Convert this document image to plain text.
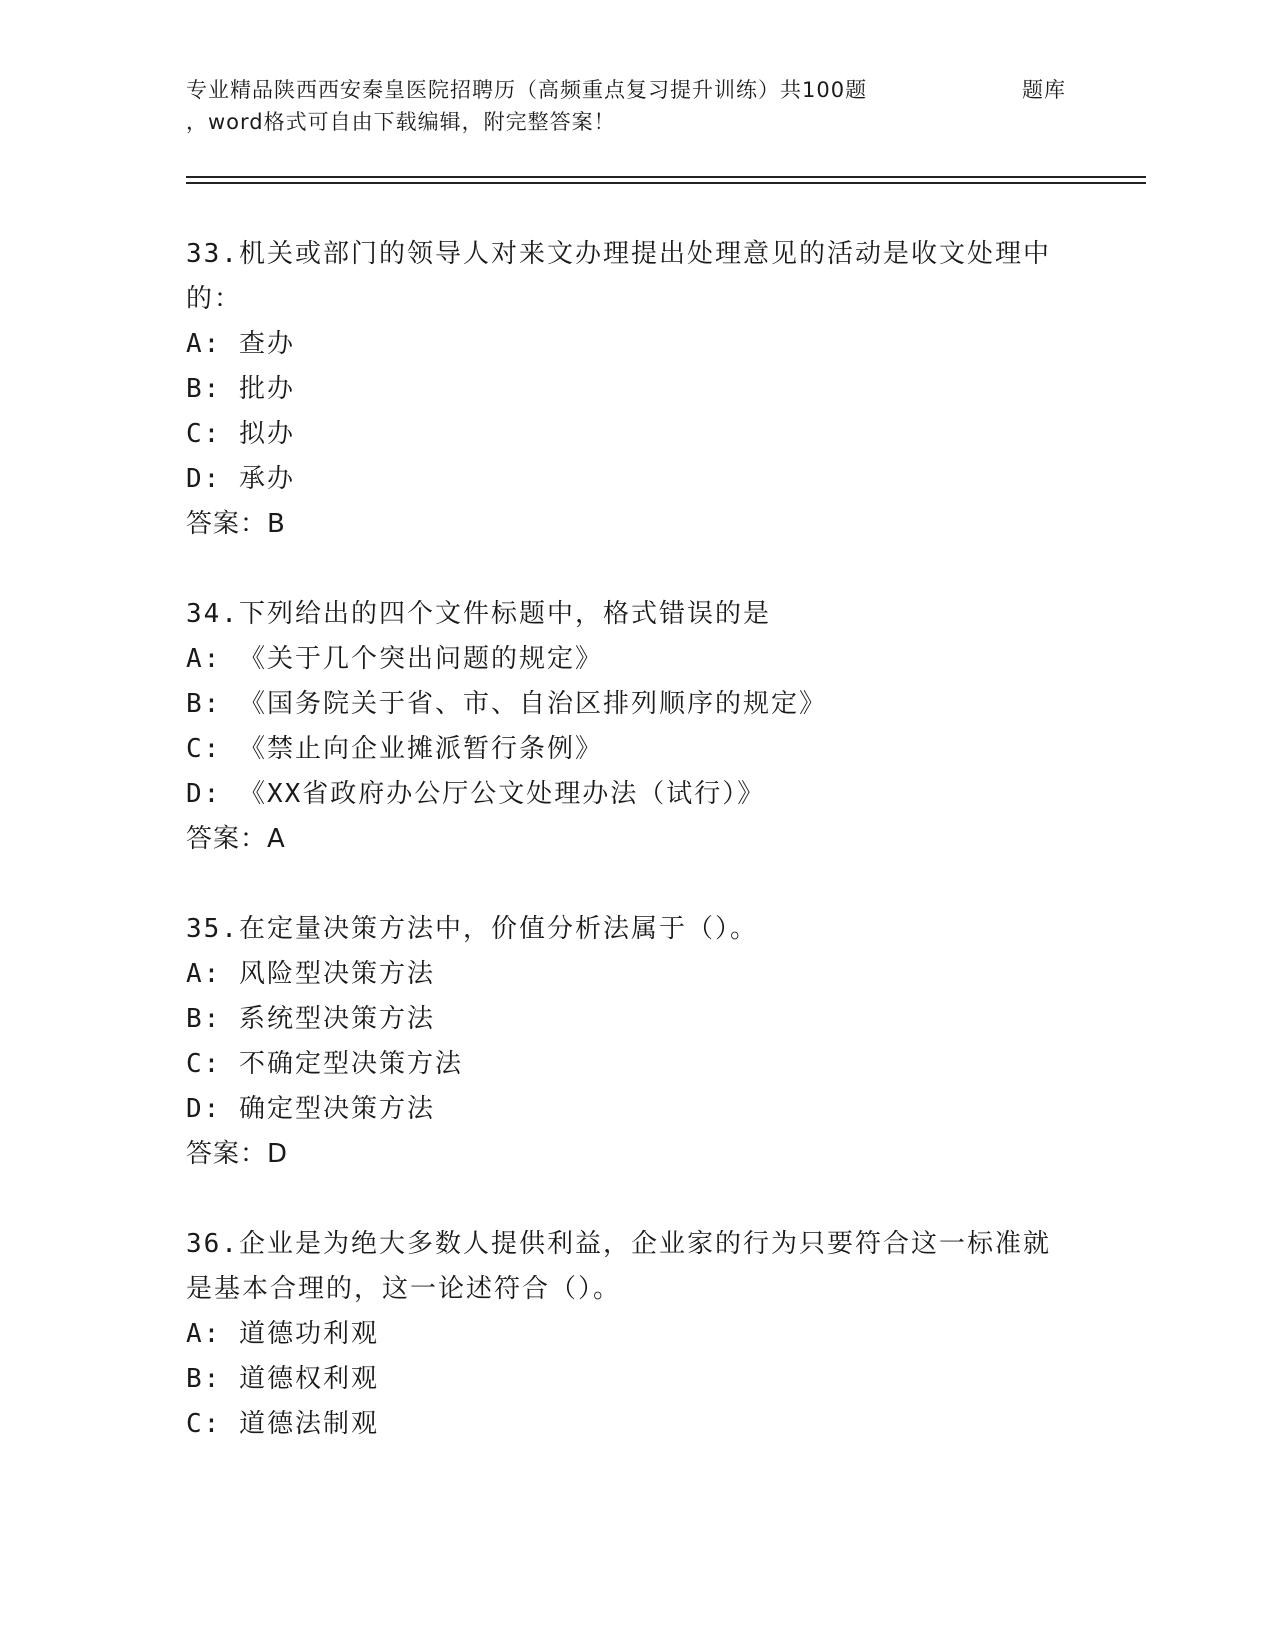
专业精品陕西西安秦皇医院招聘历（高频重点复习提升训练）共100题	题库
，word格式可自由下载编辑，附完整答案！

33.机关或部门的领导人对来文办理提出处理意见的活动是收文处理中

的：

A: 查办

B: 批办

C: 拟办

D: 承办

答案：B

34.下列给出的四个文件标题中，格式错误的是

A: 《关于几个突出问题的规定》

B: 《国务院关于省、市、自治区排列顺序的规定》

C: 《禁止向企业摊派暂行条例》

D: 《XX省政府办公厅公文处理办法（试行）》

答案：A

35.在定量决策方法中，价值分析法属于（）。

A: 风险型决策方法

B: 系统型决策方法

C: 不确定型决策方法

D: 确定型决策方法

答案：D

36.企业是为绝大多数人提供利益，企业家的行为只要符合这一标准就

是基本合理的，这一论述符合（）。

A: 道德功利观

B: 道德权利观

C: 道德法制观
